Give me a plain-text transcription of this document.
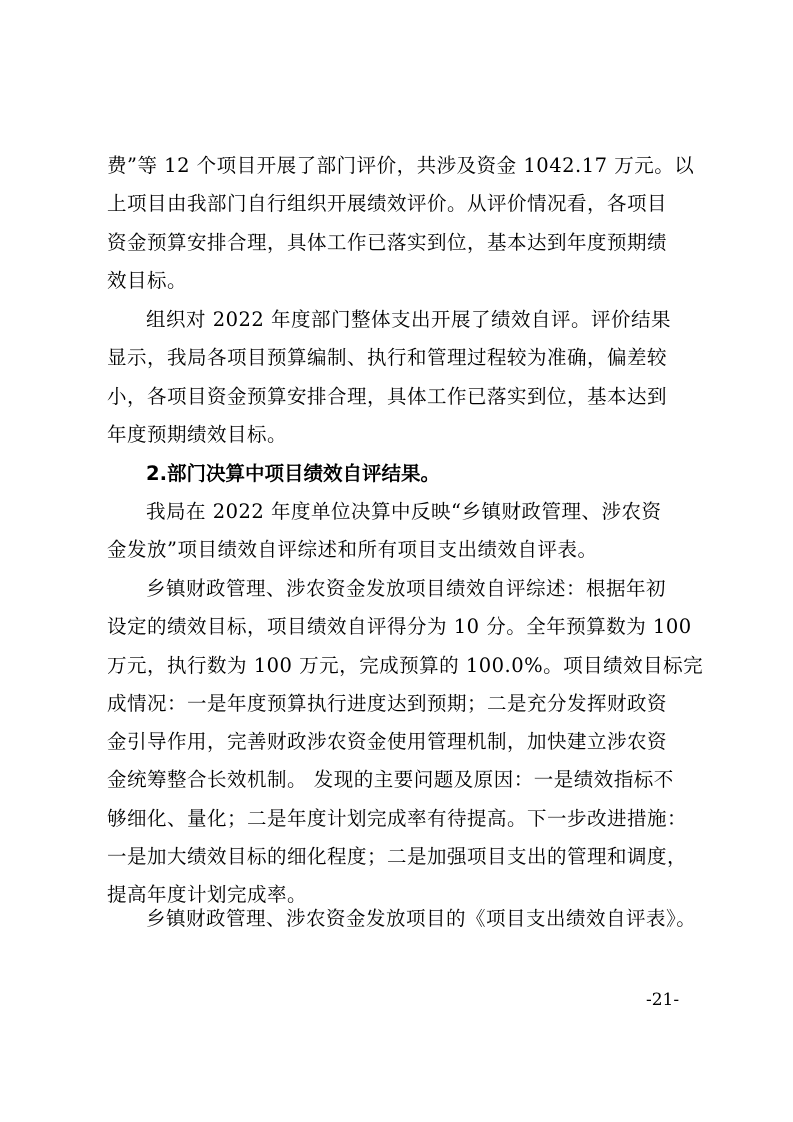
费”等 12 个项目开展了部门评价，共涉及资金 1042.17 万元。以
上项目由我部门自行组织开展绩效评价。从评价情况看，各项目
资金预算安排合理，具体工作已落实到位，基本达到年度预期绩
效目标。
组织对 2022 年度部门整体支出开展了绩效自评。评价结果
显示，我局各项目预算编制、执行和管理过程较为准确，偏差较
小，各项目资金预算安排合理，具体工作已落实到位，基本达到
年度预期绩效目标。
2.部门决算中项目绩效自评结果。
我局在 2022 年度单位决算中反映“乡镇财政管理、涉农资
金发放”项目绩效自评综述和所有项目支出绩效自评表。
乡镇财政管理、涉农资金发放项目绩效自评综述：根据年初
设定的绩效目标，项目绩效自评得分为 10 分。全年预算数为 100
万元，执行数为 100 万元，完成预算的 100.0%。项目绩效目标完
成情况：一是年度预算执行进度达到预期；二是充分发挥财政资
金引导作用，完善财政涉农资金使用管理机制，加快建立涉农资
金统筹整合长效机制。 发现的主要问题及原因：一是绩效指标不
够细化、量化；二是年度计划完成率有待提高。下一步改进措施：
一是加大绩效目标的细化程度；二是加强项目支出的管理和调度，
提高年度计划完成率。
乡镇财政管理、涉农资金发放项目的《项目支出绩效自评表》。
-21-
